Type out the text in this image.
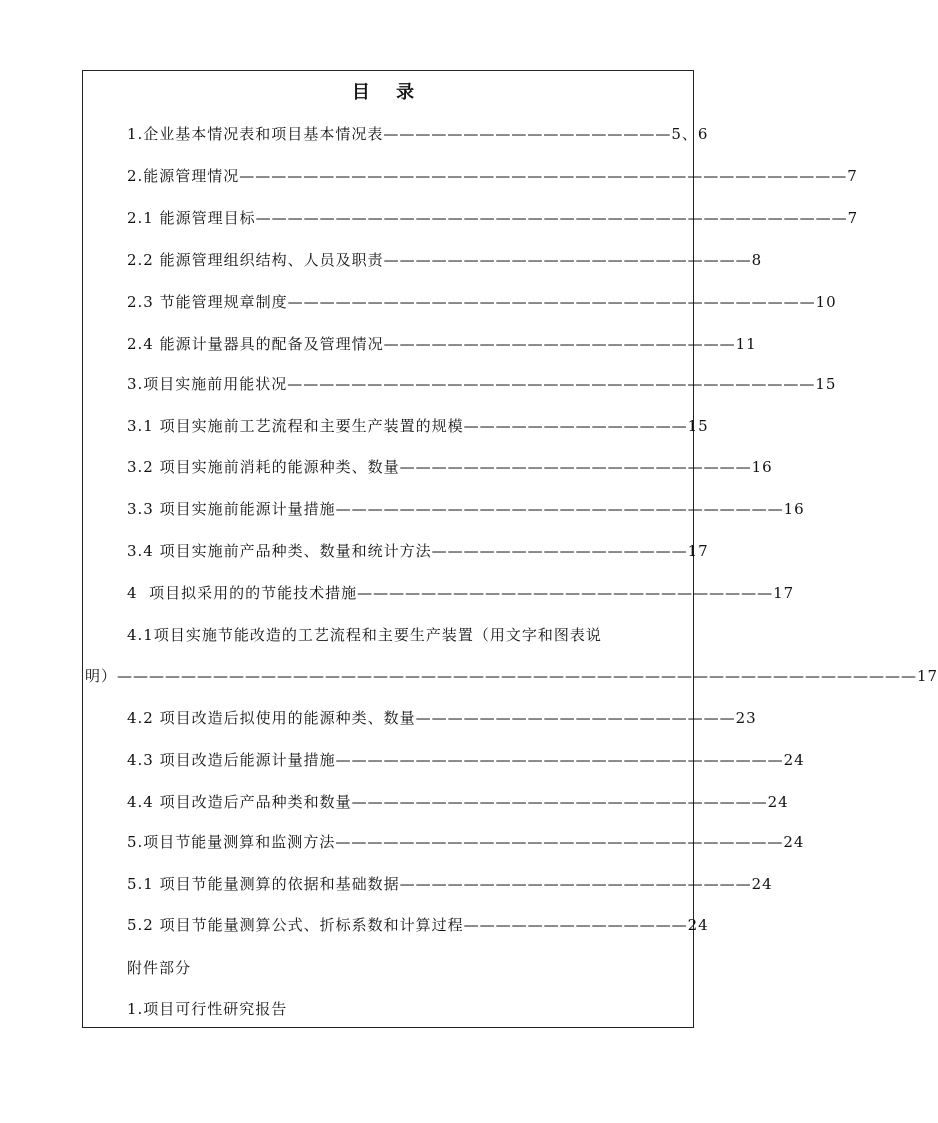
目 录
1.企业基本情况表和项目基本情况表——————————————————5、6
2.能源管理情况——————————————————————————————————————7
2.1 能源管理目标—————————————————————————————————————7
2.2 能源管理组织结构、人员及职责———————————————————————8
2.3 节能管理规章制度—————————————————————————————————10
2.4 能源计量器具的配备及管理情况——————————————————————11
3.项目实施前用能状况—————————————————————————————————15
3.1 项目实施前工艺流程和主要生产装置的规模——————————————15
3.2 项目实施前消耗的能源种类、数量——————————————————————16
3.3 项目实施前能源计量措施————————————————————————————16
3.4 项目实施前产品种类、数量和统计方法————————————————17
4  项目拟采用的的节能技术措施——————————————————————————17
4.1项目实施节能改造的工艺流程和主要生产装置（用文字和图表说
明）——————————————————————————————————————————————————17
4.2 项目改造后拟使用的能源种类、数量————————————————————23
4.3 项目改造后能源计量措施————————————————————————————24
4.4 项目改造后产品种类和数量——————————————————————————24
5.项目节能量测算和监测方法————————————————————————————24
5.1 项目节能量测算的依据和基础数据——————————————————————24
5.2 项目节能量测算公式、折标系数和计算过程——————————————24
附件部分
1.项目可行性研究报告
